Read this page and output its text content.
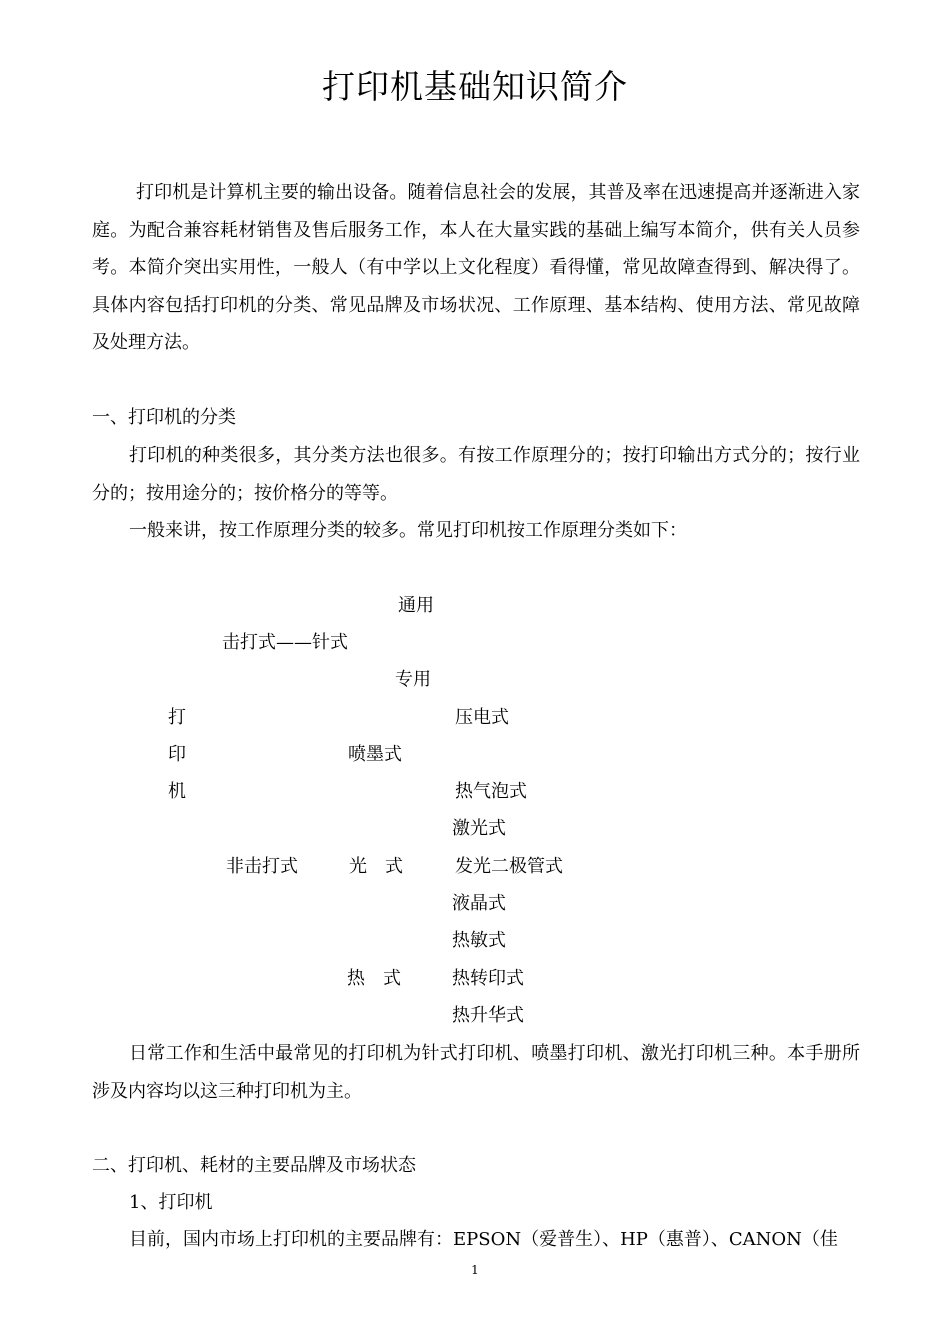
打印机基础知识简介

打印机是计算机主要的输出设备。随着信息社会的发展，其普及率在迅速提高并逐渐进入家庭。为配合兼容耗材销售及售后服务工作，本人在大量实践的基础上编写本简介，供有关人员参考。本简介突出实用性，一般人（有中学以上文化程度）看得懂，常见故障查得到、解决得了。具体内容包括打印机的分类、常见品牌及市场状况、工作原理、基本结构、使用方法、常见故障及处理方法。

一、打印机的分类

打印机的种类很多，其分类方法也很多。有按工作原理分的；按打印输出方式分的；按行业分的；按用途分的；按价格分的等等。

一般来讲，按工作原理分类的较多。常见打印机按工作原理分类如下：

通用
击打式——针式
专用
打	压电式
印	喷墨式
机	热气泡式
激光式
非击打式	光　式	发光二极管式
液晶式
热敏式
热　式	热转印式
热升华式

日常工作和生活中最常见的打印机为针式打印机、喷墨打印机、激光打印机三种。本手册所涉及内容均以这三种打印机为主。

二、打印机、耗材的主要品牌及市场状态
1、打印机

目前，国内市场上打印机的主要品牌有：EPSON（爱普生）、HP（惠普）、CANON（佳

1
